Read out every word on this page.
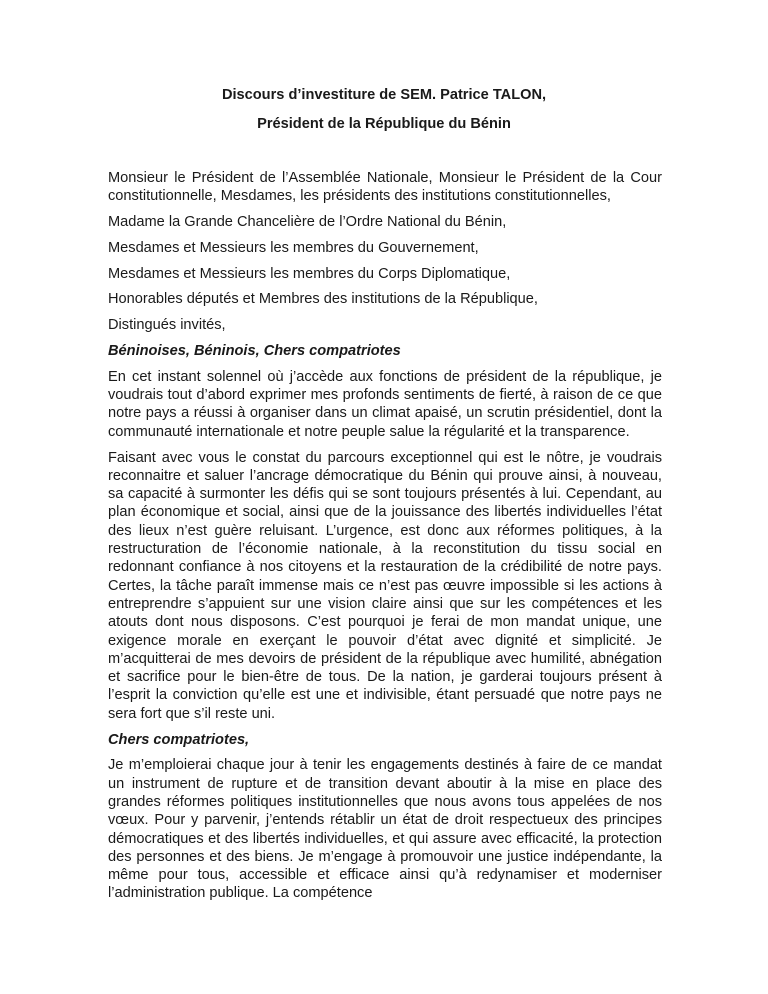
Discours d’investiture de SEM. Patrice TALON,
Président de la République du Bénin

Monsieur le Président de l’Assemblée Nationale, Monsieur le Président de la Cour constitutionnelle, Mesdames, les présidents des institutions constitutionnelles,

Madame la Grande Chancelière de l’Ordre National du Bénin,

Mesdames et Messieurs les membres du Gouvernement,

Mesdames et Messieurs les membres du Corps Diplomatique,

Honorables députés et Membres des institutions de la République,

Distingués invités,

Béninoises, Béninois, Chers compatriotes

En cet instant solennel où j’accède aux fonctions de président de la république, je voudrais tout d’abord exprimer mes profonds sentiments de fierté, à raison de ce que notre pays a réussi à organiser dans un climat apaisé, un scrutin présidentiel, dont la communauté internationale et notre peuple salue la régularité et la transparence.

Faisant avec vous le constat du parcours exceptionnel qui est le nôtre, je voudrais reconnaitre et saluer l’ancrage démocratique du Bénin qui prouve ainsi, à nouveau, sa capacité à surmonter les défis qui se sont toujours présentés à lui. Cependant, au plan économique et social, ainsi que de la jouissance des libertés individuelles l’état des lieux n’est guère reluisant. L’urgence, est donc aux réformes politiques, à la restructuration de l’économie nationale, à la reconstitution du tissu social en redonnant confiance à nos citoyens et la restauration de la crédibilité de notre pays. Certes, la tâche paraît immense mais ce n’est pas œuvre impossible si les actions à entreprendre s’appuient sur une vision claire ainsi que sur les compétences et les atouts dont nous disposons. C’est pourquoi je ferai de mon mandat unique, une exigence morale en exerçant le pouvoir d’état avec dignité et simplicité. Je m’acquitterai de mes devoirs de président de la république avec humilité, abnégation et sacrifice pour le bien-être de tous. De la nation, je garderai toujours présent à l’esprit la conviction qu’elle est une et indivisible, étant persuadé que notre pays ne sera fort que s’il reste uni.

Chers compatriotes,

Je m’emploierai chaque jour à tenir les engagements destinés à faire de ce mandat un instrument de rupture et de transition devant aboutir à la mise en place des grandes réformes politiques institutionnelles que nous avons tous appelées de nos vœux. Pour y parvenir, j’entends rétablir un état de droit respectueux des principes démocratiques et des libertés individuelles, et qui assure avec efficacité, la protection des personnes et des biens. Je m’engage à promouvoir une justice indépendante, la même pour tous, accessible et efficace ainsi qu’à redynamiser et moderniser l’administration publique. La compétence
